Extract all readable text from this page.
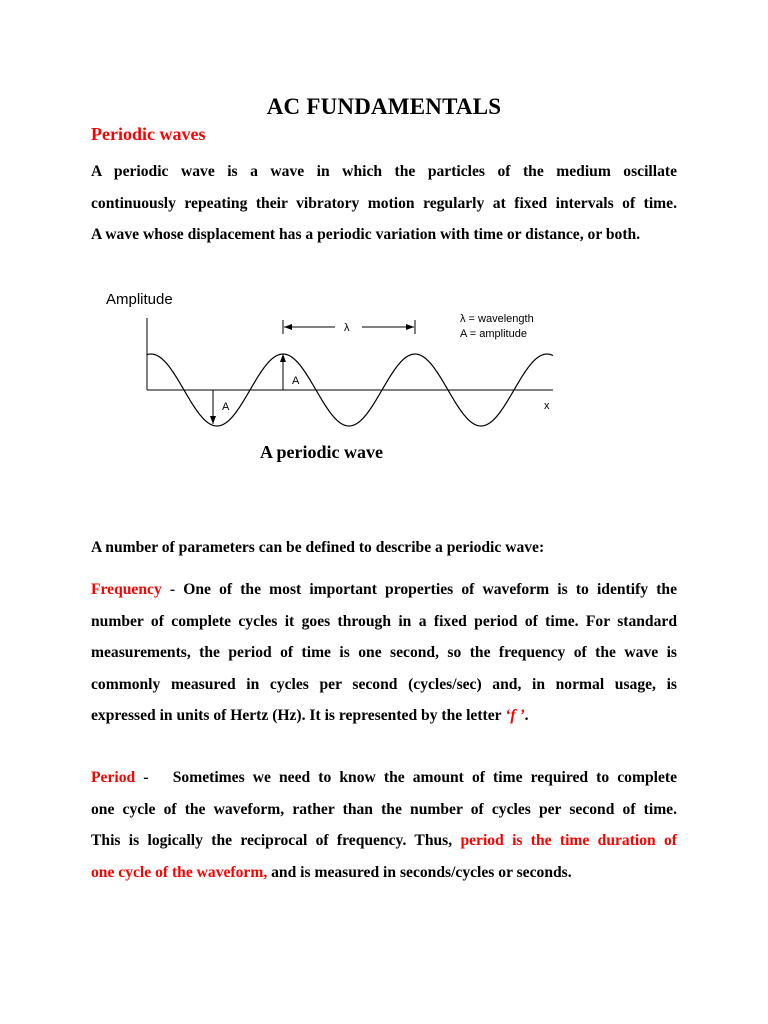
AC FUNDAMENTALS
Periodic waves
A periodic wave is a wave in which the particles of the medium oscillate
continuously repeating their vibratory motion regularly at fixed intervals of time.
A wave whose displacement has a periodic variation with time or distance, or both.
Amplitude
λ
λ = wavelength
A = amplitude
A
A	x
A periodic wave
A number of parameters can be defined to describe a periodic wave:
Frequency - One of the most important properties of waveform is to identify the
number of complete cycles it goes through in a fixed period of time. For standard
measurements, the period of time is one second, so the frequency of the wave is
commonly measured in cycles per second (cycles/sec) and, in normal usage, is
expressed in units of Hertz (Hz). It is represented by the letter ‘f ’.
Period -   Sometimes we need to know the amount of time required to complete
one cycle of the waveform, rather than the number of cycles per second of time.
This is logically the reciprocal of frequency. Thus, period is the time duration of
one cycle of the waveform, and is measured in seconds/cycles or seconds.
